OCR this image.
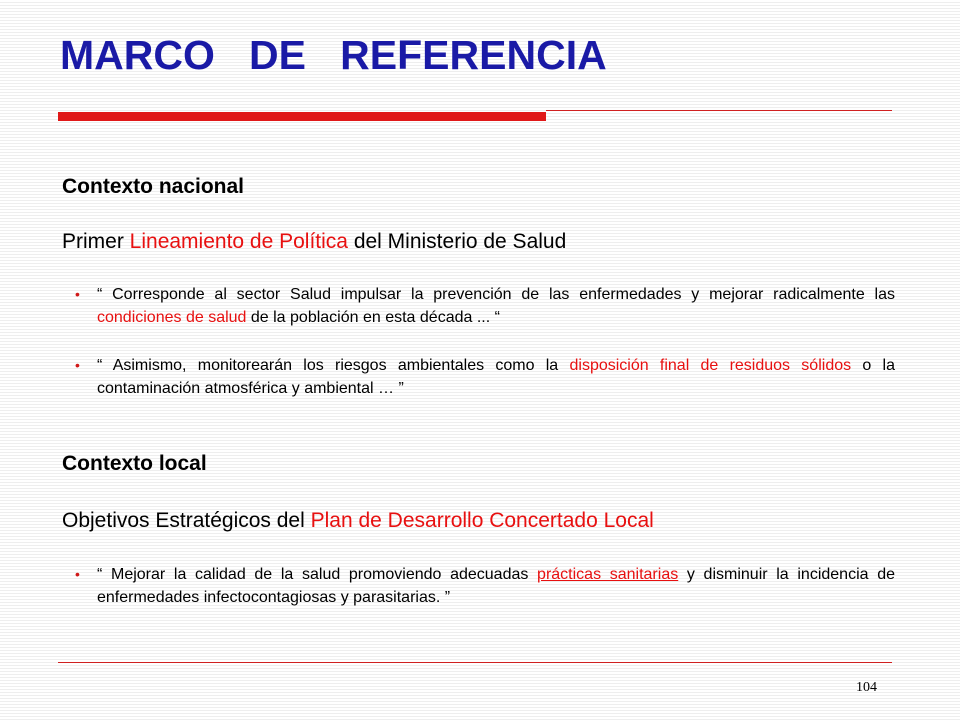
MARCO   DE   REFERENCIA
Contexto nacional

Primer Lineamiento de Política del Ministerio de Salud

• “ Corresponde al sector Salud impulsar la prevención de las enfermedades y mejorar radicalmente las condiciones de salud de la población en esta década ... “
• “ Asimismo, monitorearán los riesgos ambientales como la disposición final de residuos sólidos o la contaminación atmosférica y ambiental … ”
Contexto local

Objetivos Estratégicos del Plan de Desarrollo Concertado Local

• “ Mejorar la calidad de la salud promoviendo adecuadas prácticas sanitarias y disminuir la incidencia de enfermedades infectocontagiosas y parasitarias. ”
104
